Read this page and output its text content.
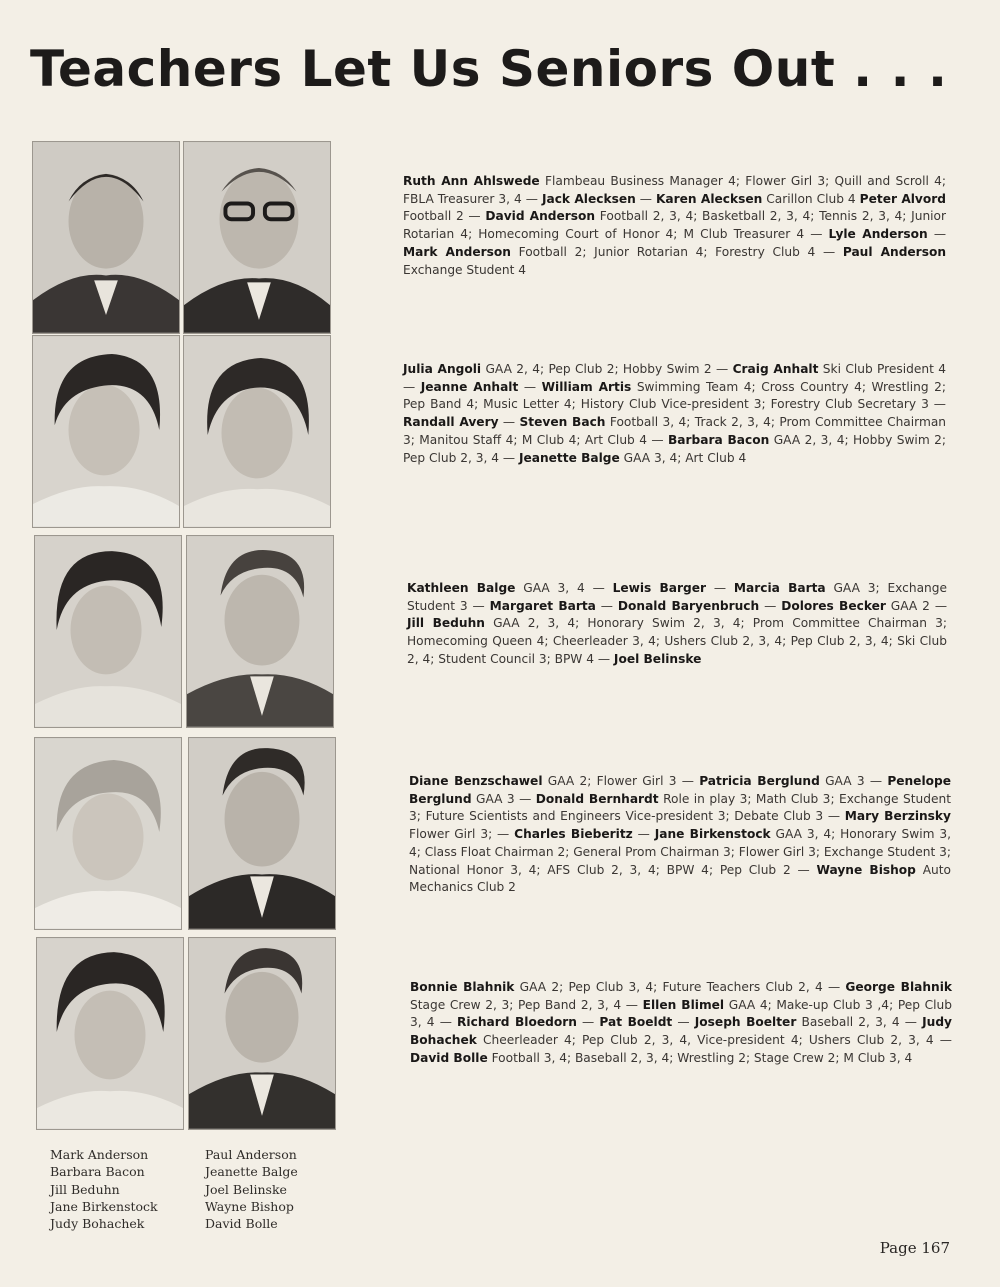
Teachers Let Us Seniors Out . . .
Ruth Ann Ahlswede Flambeau Business Manager 4; Flower Girl 3; Quill and Scroll 4; FBLA Treasurer 3, 4 — Jack Alecksen — Karen Alecksen Carillon Club 4 Peter Alvord Football 2 — David Anderson Football 2, 3, 4; Basketball 2, 3, 4; Tennis 2, 3, 4; Junior Rotarian 4; Homecoming Court of Honor 4; M Club Treasurer 4 — Lyle Anderson — Mark Anderson Football 2; Junior Rotarian 4; Forestry Club 4 — Paul Anderson Exchange Student 4
Julia Angoli GAA 2, 4; Pep Club 2; Hobby Swim 2 — Craig Anhalt Ski Club President 4 — Jeanne Anhalt — William Artis Swimming Team 4; Cross Country 4; Wrestling 2; Pep Band 4; Music Letter 4; History Club Vice-president 3; Forestry Club Secretary 3 — Randall Avery — Steven Bach Football 3, 4; Track 2, 3, 4; Prom Committee Chairman 3; Manitou Staff 4; M Club 4; Art Club 4 — Barbara Bacon GAA 2, 3, 4; Hobby Swim 2; Pep Club 2, 3, 4 — Jeanette Balge GAA 3, 4; Art Club 4
Kathleen Balge GAA 3, 4 — Lewis Barger — Marcia Barta GAA 3; Exchange Student 3 — Margaret Barta — Donald Baryenbruch — Dolores Becker GAA 2 — Jill Beduhn GAA 2, 3, 4; Honorary Swim 2, 3, 4; Prom Committee Chairman 3; Homecoming Queen 4; Cheerleader 3, 4; Ushers Club 2, 3, 4; Pep Club 2, 3, 4; Ski Club 2, 4; Student Council 3; BPW 4 — Joel Belinske
Diane Benzschawel GAA 2; Flower Girl 3 — Patricia Berglund GAA 3 — Penelope Berglund GAA 3 — Donald Bernhardt Role in play 3; Math Club 3; Exchange Student 3; Future Scientists and Engineers Vice-president 3; Debate Club 3 — Mary Berzinsky Flower Girl 3; — Charles Bieberitz — Jane Birkenstock GAA 3, 4; Honorary Swim 3, 4; Class Float Chairman 2; General Prom Chairman 3; Flower Girl 3; Exchange Student 3; National Honor 3, 4; AFS Club 2, 3, 4; BPW 4; Pep Club 2 — Wayne Bishop Auto Mechanics Club 2
Bonnie Blahnik GAA 2; Pep Club 3, 4; Future Teachers Club 2, 4 — George Blahnik Stage Crew 2, 3; Pep Band 2, 3, 4 — Ellen Blimel GAA 4; Make-up Club 3 ,4; Pep Club 3, 4 — Richard Bloedorn — Pat Boeldt — Joseph Boelter Baseball 2, 3, 4 — Judy Bohachek Cheerleader 4; Pep Club 2, 3, 4, Vice-president 4; Ushers Club 2, 3, 4 — David Bolle Football 3, 4; Baseball 2, 3, 4; Wrestling 2; Stage Crew 2; M Club 3, 4
Mark Anderson
Barbara Bacon
Jill Beduhn
Jane Birkenstock
Judy Bohachek
Paul Anderson
Jeanette Balge
Joel Belinske
Wayne Bishop
David Bolle
Page 167
